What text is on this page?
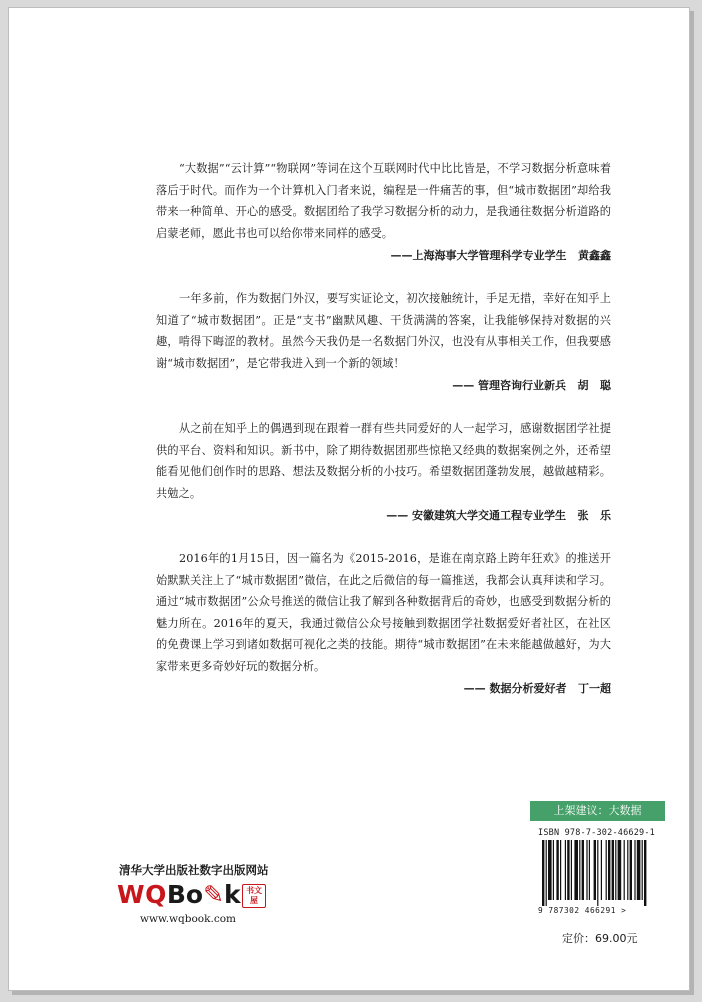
“大数据”“云计算”“物联网”等词在这个互联网时代中比比皆是，不学习数据分析意味着落后于时代。而作为一个计算机入门者来说，编程是一件痛苦的事，但“城市数据团”却给我带来一种简单、开心的感受。数据团给了我学习数据分析的动力，是我通往数据分析道路的启蒙老师，愿此书也可以给你带来同样的感受。

——上海海事大学管理科学专业学生   黄鑫鑫

一年多前，作为数据门外汉，要写实证论文，初次接触统计，手足无措，幸好在知乎上知道了“城市数据团”。正是“支书”幽默风趣、干货满满的答案，让我能够保持对数据的兴趣，啃得下晦涩的教材。虽然今天我仍是一名数据门外汉，也没有从事相关工作，但我要感谢“城市数据团”，是它带我进入到一个新的领域！

—— 管理咨询行业新兵   胡   聪

从之前在知乎上的偶遇到现在跟着一群有些共同爱好的人一起学习，感谢数据团学社提供的平台、资料和知识。新书中，除了期待数据团那些惊艳又经典的数据案例之外，还希望能看见他们创作时的思路、想法及数据分析的小技巧。希望数据团蓬勃发展，越做越精彩。共勉之。

—— 安徽建筑大学交通工程专业学生   张   乐

2016年的1月15日，因一篇名为《2015-2016，是谁在南京路上跨年狂欢》的推送开始默默关注上了“城市数据团”微信，在此之后微信的每一篇推送，我都会认真拜读和学习。通过“城市数据团”公众号推送的微信让我了解到各种数据背后的奇妙，也感受到数据分析的魅力所在。2016年的夏天，我通过微信公众号接触到数据团学社数据爱好者社区，在社区的免费课上学习到诸如数据可视化之类的技能。期待“城市数据团”在未来能越做越好，为大家带来更多奇妙好玩的数据分析。

—— 数据分析爱好者   丁一超
清华大学出版社数字出版网站
WQBo✎k 书文屋
www.wqbook.com
上架建议：大数据
ISBN 978-7-302-46629-1
9 787302 466291 >
定价：69.00元
